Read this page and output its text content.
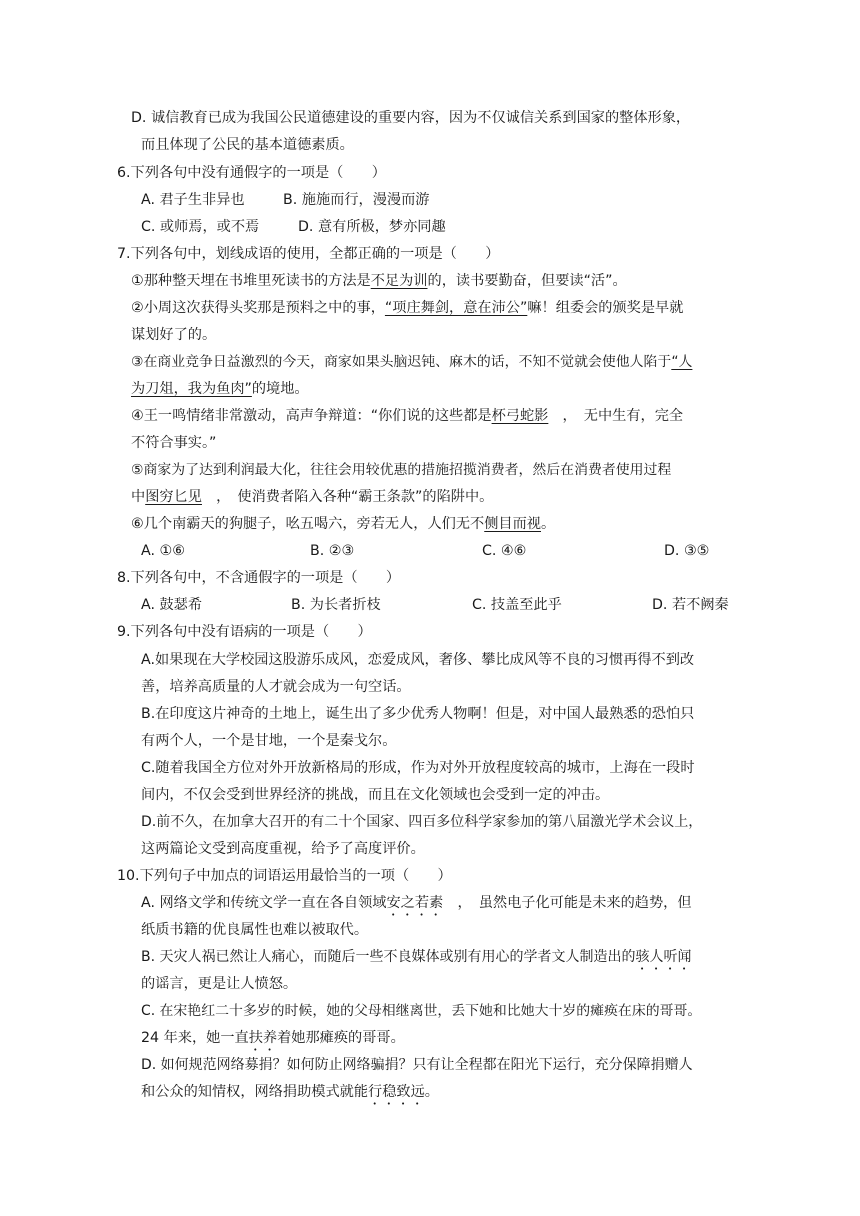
D. 诚信教育已成为我国公民道德建设的重要内容，因为不仅诚信关系到国家的整体形象，
而且体现了公民的基本道德素质。
6.下列各句中没有通假字的一项是（　　）
A. 君子生非异也	B. 施施而行，漫漫而游
C. 或师焉，或不焉	D. 意有所极，梦亦同趣
7.下列各句中，划线成语的使用，全都正确的一项是（　　）
①那种整天埋在书堆里死读书的方法是不足为训的，读书要勤奋，但要读“活”。
②小周这次获得头奖那是预料之中的事，“项庄舞剑，意在沛公”嘛！组委会的颁奖是早就
谋划好了的。
③在商业竞争日益激烈的今天，商家如果头脑迟钝、麻木的话，不知不觉就会使他人陷于“人
为刀俎，我为鱼肉”的境地。
④王一鸣情绪非常激动，高声争辩道：“你们说的这些都是杯弓蛇影　，　无中生有，完全
不符合事实。”
⑤商家为了达到利润最大化，往往会用较优惠的措施招揽消费者，然后在消费者使用过程
中图穷匕见　，　使消费者陷入各种“霸王条款”的陷阱中。
⑥几个南霸天的狗腿子，吆五喝六，旁若无人，人们无不侧目而视。
A. ①⑥	B. ②③	C. ④⑥	D. ③⑤
8.下列各句中，不含通假字的一项是（　　）
A. 鼓瑟希	B. 为长者折枝	C. 技盖至此乎	D. 若不阙秦
9.下列各句中没有语病的一项是（　　）
A.如果现在大学校园这股游乐成风，恋爱成风，奢侈、攀比成风等不良的习惯再得不到改
善，培养高质量的人才就会成为一句空话。
B.在印度这片神奇的土地上，诞生出了多少优秀人物啊！但是，对中国人最熟悉的恐怕只
有两个人，一个是甘地，一个是秦戈尔。
C.随着我国全方位对外开放新格局的形成，作为对外开放程度较高的城市，上海在一段时
间内，不仅会受到世界经济的挑战，而且在文化领域也会受到一定的冲击。
D.前不久，在加拿大召开的有二十个国家、四百多位科学家参加的第八届激光学术会议上，
这两篇论文受到高度重视，给予了高度评价。
10.下列句子中加点的词语运用最恰当的一项（　　）
A. 网络文学和传统文学一直在各自领域安之若素　，　虽然电子化可能是未来的趋势，但
纸质书籍的优良属性也难以被取代。
B. 天灾人祸已然让人痛心，而随后一些不良媒体或别有用心的学者文人制造出的骇人听闻
的谣言，更是让人愤怒。
C. 在宋艳红二十多岁的时候，她的父母相继离世，丢下她和比她大十岁的瘫痪在床的哥哥。
24 年来，她一直扶养着她那瘫痪的哥哥。
D. 如何规范网络募捐？如何防止网络骗捐？只有让全程都在阳光下运行，充分保障捐赠人
和公众的知情权，网络捐助模式就能行稳致远。
